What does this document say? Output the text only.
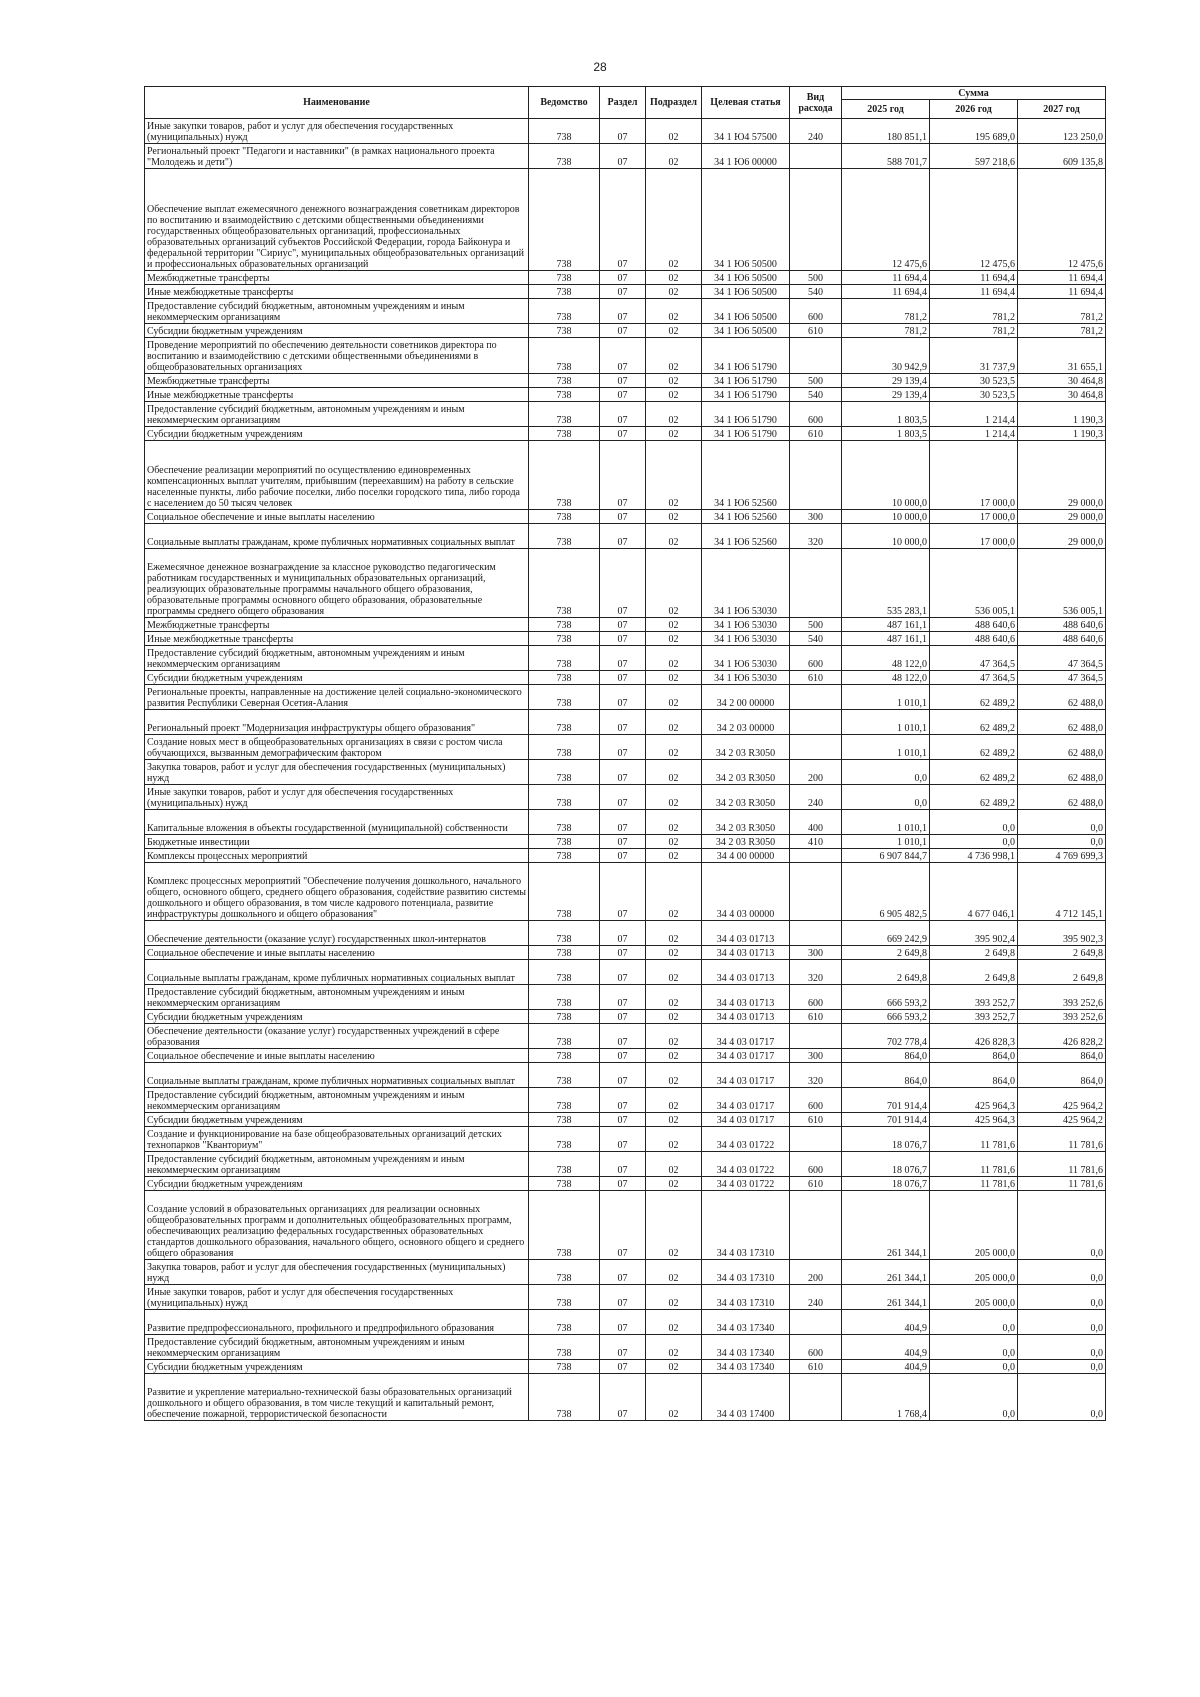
28
Наименование	Ведомство	Раздел	Подраздел	Целевая статья	Вид расхода	Сумма		
						2025 год	2026 год	2027 год
Иные закупки товаров, работ и услуг для обеспечения государственных (муниципальных) нужд	738	07	02	34 1 Ю4 57500	240	180 851,1	195 689,0	123 250,0
Региональный проект "Педагоги и наставники" (в рамках национального проекта "Молодежь и дети")	738	07	02	34 1 Ю6 00000		588 701,7	597 218,6	609 135,8
Обеспечение выплат ежемесячного денежного вознаграждения советникам директоров по воспитанию и взаимодействию с детскими общественными объединениями государственных общеобразовательных организаций, профессиональных образовательных организаций субъектов Российской Федерации, города Байконура и федеральной территории "Сириус", муниципальных общеобразовательных организаций и профессиональных образовательных организаций	738	07	02	34 1 Ю6 50500		12 475,6	12 475,6	12 475,6
Межбюджетные трансферты	738	07	02	34 1 Ю6 50500	500	11 694,4	11 694,4	11 694,4
Иные межбюджетные трансферты	738	07	02	34 1 Ю6 50500	540	11 694,4	11 694,4	11 694,4
Предоставление субсидий бюджетным, автономным учреждениям и иным некоммерческим организациям	738	07	02	34 1 Ю6 50500	600	781,2	781,2	781,2
Субсидии бюджетным учреждениям	738	07	02	34 1 Ю6 50500	610	781,2	781,2	781,2
Проведение мероприятий по обеспечению деятельности советников директора по воспитанию и взаимодействию с детскими общественными объединениями в общеобразовательных организациях	738	07	02	34 1 Ю6 51790		30 942,9	31 737,9	31 655,1
Межбюджетные трансферты	738	07	02	34 1 Ю6 51790	500	29 139,4	30 523,5	30 464,8
Иные межбюджетные трансферты	738	07	02	34 1 Ю6 51790	540	29 139,4	30 523,5	30 464,8
Предоставление субсидий бюджетным, автономным учреждениям и иным некоммерческим организациям	738	07	02	34 1 Ю6 51790	600	1 803,5	1 214,4	1 190,3
Субсидии бюджетным учреждениям	738	07	02	34 1 Ю6 51790	610	1 803,5	1 214,4	1 190,3
Обеспечение реализации мероприятий по осуществлению единовременных компенсационных выплат учителям, прибывшим (переехавшим) на работу в сельские населенные пункты, либо рабочие поселки, либо поселки городского типа, либо города с населением до 50 тысяч человек	738	07	02	34 1 Ю6 52560		10 000,0	17 000,0	29 000,0
Социальное обеспечение и иные выплаты населению	738	07	02	34 1 Ю6 52560	300	10 000,0	17 000,0	29 000,0
Социальные выплаты гражданам, кроме публичных нормативных социальных выплат	738	07	02	34 1 Ю6 52560	320	10 000,0	17 000,0	29 000,0
Ежемесячное денежное вознаграждение за классное руководство педагогическим работникам государственных и муниципальных образовательных организаций, реализующих образовательные программы начального общего образования, образовательные программы основного общего образования, образовательные программы среднего общего образования	738	07	02	34 1 Ю6 53030		535 283,1	536 005,1	536 005,1
Межбюджетные трансферты	738	07	02	34 1 Ю6 53030	500	487 161,1	488 640,6	488 640,6
Иные межбюджетные трансферты	738	07	02	34 1 Ю6 53030	540	487 161,1	488 640,6	488 640,6
Предоставление субсидий бюджетным, автономным учреждениям и иным некоммерческим организациям	738	07	02	34 1 Ю6 53030	600	48 122,0	47 364,5	47 364,5
Субсидии бюджетным учреждениям	738	07	02	34 1 Ю6 53030	610	48 122,0	47 364,5	47 364,5
Региональные проекты, направленные на достижение целей социально-экономического развития Республики Северная Осетия-Алания	738	07	02	34 2 00 00000		1 010,1	62 489,2	62 488,0
Региональный проект "Модернизация инфраструктуры общего образования"	738	07	02	34 2 03 00000		1 010,1	62 489,2	62 488,0
Создание новых мест в общеобразовательных организациях в связи с ростом числа обучающихся, вызванным демографическим фактором	738	07	02	34 2 03 R3050		1 010,1	62 489,2	62 488,0
Закупка товаров, работ и услуг для обеспечения государственных (муниципальных) нужд	738	07	02	34 2 03 R3050	200	0,0	62 489,2	62 488,0
Иные закупки товаров, работ и услуг для обеспечения государственных (муниципальных) нужд	738	07	02	34 2 03 R3050	240	0,0	62 489,2	62 488,0
Капитальные вложения в объекты государственной (муниципальной) собственности	738	07	02	34 2 03 R3050	400	1 010,1	0,0	0,0
Бюджетные инвестиции	738	07	02	34 2 03 R3050	410	1 010,1	0,0	0,0
Комплексы процессных мероприятий	738	07	02	34 4 00 00000		6 907 844,7	4 736 998,1	4 769 699,3
Комплекс процессных мероприятий "Обеспечение получения дошкольного, начального общего, основного общего, среднего общего образования, содействие развитию системы дошкольного и общего образования, в том числе кадрового потенциала, развитие инфраструктуры дошкольного и общего образования"	738	07	02	34 4 03 00000		6 905 482,5	4 677 046,1	4 712 145,1
Обеспечение деятельности (оказание услуг) государственных школ-интернатов	738	07	02	34 4 03 01713		669 242,9	395 902,4	395 902,3
Социальное обеспечение и иные выплаты населению	738	07	02	34 4 03 01713	300	2 649,8	2 649,8	2 649,8
Социальные выплаты гражданам, кроме публичных нормативных социальных выплат	738	07	02	34 4 03 01713	320	2 649,8	2 649,8	2 649,8
Предоставление субсидий бюджетным, автономным учреждениям и иным некоммерческим организациям	738	07	02	34 4 03 01713	600	666 593,2	393 252,7	393 252,6
Субсидии бюджетным учреждениям	738	07	02	34 4 03 01713	610	666 593,2	393 252,7	393 252,6
Обеспечение деятельности (оказание услуг) государственных учреждений в сфере образования	738	07	02	34 4 03 01717		702 778,4	426 828,3	426 828,2
Социальное обеспечение и иные выплаты населению	738	07	02	34 4 03 01717	300	864,0	864,0	864,0
Социальные выплаты гражданам, кроме публичных нормативных социальных выплат	738	07	02	34 4 03 01717	320	864,0	864,0	864,0
Предоставление субсидий бюджетным, автономным учреждениям и иным некоммерческим организациям	738	07	02	34 4 03 01717	600	701 914,4	425 964,3	425 964,2
Субсидии бюджетным учреждениям	738	07	02	34 4 03 01717	610	701 914,4	425 964,3	425 964,2
Создание и функционирование на базе общеобразовательных организаций детских технопарков "Кванториум"	738	07	02	34 4 03 01722		18 076,7	11 781,6	11 781,6
Предоставление субсидий бюджетным, автономным учреждениям и иным некоммерческим организациям	738	07	02	34 4 03 01722	600	18 076,7	11 781,6	11 781,6
Субсидии бюджетным учреждениям	738	07	02	34 4 03 01722	610	18 076,7	11 781,6	11 781,6
Создание условий в образовательных организациях для реализации основных общеобразовательных программ и дополнительных общеобразовательных программ, обеспечивающих реализацию федеральных государственных образовательных стандартов дошкольного образования, начального общего, основного общего и среднего общего образования	738	07	02	34 4 03 17310		261 344,1	205 000,0	0,0
Закупка товаров, работ и услуг для обеспечения государственных (муниципальных) нужд	738	07	02	34 4 03 17310	200	261 344,1	205 000,0	0,0
Иные закупки товаров, работ и услуг для обеспечения государственных (муниципальных) нужд	738	07	02	34 4 03 17310	240	261 344,1	205 000,0	0,0
Развитие предпрофессионального, профильного и предпрофильного образования	738	07	02	34 4 03 17340		404,9	0,0	0,0
Предоставление субсидий бюджетным, автономным учреждениям и иным некоммерческим организациям	738	07	02	34 4 03 17340	600	404,9	0,0	0,0
Субсидии бюджетным учреждениям	738	07	02	34 4 03 17340	610	404,9	0,0	0,0
Развитие и укрепление материально-технической базы образовательных организаций дошкольного и общего образования, в том числе текущий и капитальный ремонт, обеспечение пожарной, террористической безопасности	738	07	02	34 4 03 17400		1 768,4	0,0	0,0
